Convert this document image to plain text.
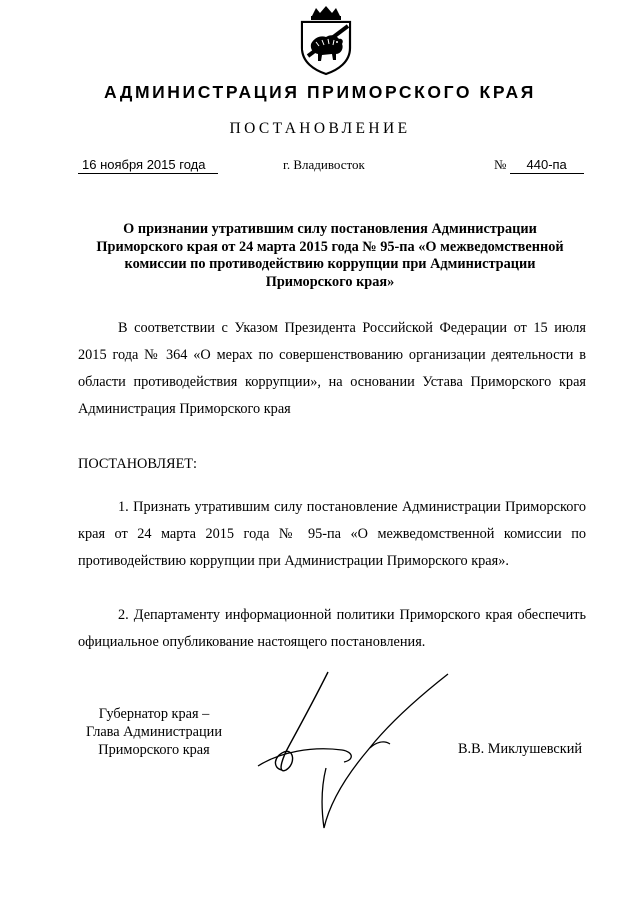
АДМИНИСТРАЦИЯ ПРИМОРСКОГО КРАЯ
ПОСТАНОВЛЕНИЕ
16 ноября 2015 года	г. Владивосток	№ 440-па
О признании утратившим силу постановления Администрации Приморского края от 24 марта 2015 года № 95-па «О межведомственной комиссии по противодействию коррупции при Администрации Приморского края»
В соответствии с Указом Президента Российской Федерации от 15 июля 2015 года № 364 «О мерах по совершенствованию организации деятельности в области противодействия коррупции», на основании Устава Приморского края Администрация Приморского края
ПОСТАНОВЛЯЕТ:
1. Признать утратившим силу постановление Администрации Приморского края от 24 марта 2015 года № 95-па «О межведомственной комиссии по противодействию коррупции при Администрации Приморского края».
2. Департаменту информационной политики Приморского края обеспечить официальное опубликование настоящего постановления.
Губернатор края –
Глава Администрации
Приморского края	В.В. Миклушевский
